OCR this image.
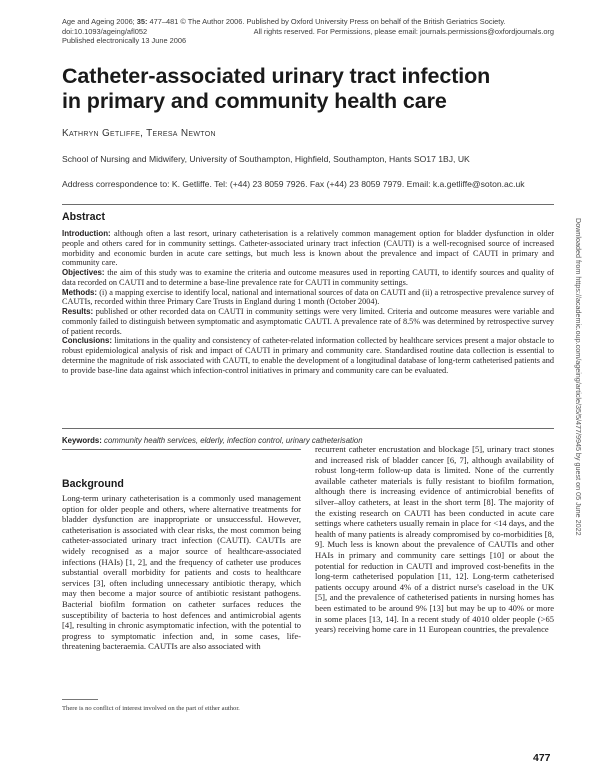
Age and Ageing 2006; 35: 477–481 © The Author 2006. Published by Oxford University Press on behalf of the British Geriatrics Society.
doi:10.1093/ageing/afl052	All rights reserved. For Permissions, please email: journals.permissions@oxfordjournals.org
Published electronically 13 June 2006
Catheter-associated urinary tract infection
in primary and community health care
Kathryn Getliffe, Teresa Newton
School of Nursing and Midwifery, University of Southampton, Highfield, Southampton, Hants SO17 1BJ, UK
Address correspondence to: K. Getliffe. Tel: (+44) 23 8059 7926. Fax (+44) 23 8059 7979. Email: k.a.getliffe@soton.ac.uk
Abstract

Introduction: although often a last resort, urinary catheterisation is a relatively common management option for bladder dysfunction in older people and others cared for in community settings. Catheter-associated urinary tract infection (CAUTI) is a well-recognised source of increased morbidity and economic burden in acute care settings, but much less is known about the prevalence and impact of CAUTI in primary and community care.

Objectives: the aim of this study was to examine the criteria and outcome measures used in reporting CAUTI, to identify sources and quality of data recorded on CAUTI and to determine a base-line prevalence rate for CAUTI in community settings.

Methods: (i) a mapping exercise to identify local, national and international sources of data on CAUTI and (ii) a retrospective prevalence survey of CAUTIs, recorded within three Primary Care Trusts in England during 1 month (October 2004).

Results: published or other recorded data on CAUTI in community settings were very limited. Criteria and outcome measures were variable and commonly failed to distinguish between symptomatic and asymptomatic CAUTI. A prevalence rate of 8.5% was determined by retrospective survey of patient records.

Conclusions: limitations in the quality and consistency of catheter-related information collected by healthcare services present a major obstacle to robust epidemiological analysis of risk and impact of CAUTI in primary and community care. Standardised routine data collection is essential to determine the magnitude of risk associated with CAUTI, to enable the development of a longitudinal database of long-term catheterised patients and to provide base-line data against which infection-control initiatives in primary and community care can be evaluated.

Keywords: community health services, elderly, infection control, urinary catheterisation
Background
Long-term urinary catheterisation is a commonly used management option for older people and others, where alternative treatments for bladder dysfunction are inappropriate or unsuccessful. However, catheterisation is associated with clear risks, the most common being catheter-associated urinary tract infection (CAUTI). CAUTIs are widely recognised as a major source of healthcare-associated infections (HAIs) [1, 2], and the frequency of catheter use produces substantial overall morbidity for patients and costs to healthcare services [3], often including unnecessary antibiotic therapy, which may then become a major source of antibiotic resistant pathogens. Bacterial biofilm formation on catheter surfaces reduces the susceptibility of bacteria to host defences and antimicrobial agents [4], resulting in chronic asymptomatic infection, with the potential to progress to symptomatic infection and, in some cases, life-threatening bacteraemia. CAUTIs are also associated with
recurrent catheter encrustation and blockage [5], urinary tract stones and increased risk of bladder cancer [6, 7], although availability of robust long-term follow-up data is limited. None of the currently available catheter materials is fully resistant to biofilm formation, although there is increasing evidence of antimicrobial benefits of silver–alloy catheters, at least in the short term [8]. The majority of the existing research on CAUTI has been conducted in acute care settings where catheters usually remain in place for <14 days, and the health of many patients is already compromised by co-morbidities [8, 9]. Much less is known about the prevalence of CAUTIs and other HAIs in primary and community care settings [10] or about the potential for reduction in CAUTI and improved cost-benefits in the long-term catheterised population [11, 12]. Long-term catheterised patients occupy around 4% of a district nurse's caseload in the UK [5], and the prevalence of catheterised patients in nursing homes has been estimated to be around 9% [13] but may be up to 40% or more in some places [13, 14]. In a recent study of 4010 older people (>65 years) receiving home care in 11 European countries, the prevalence
There is no conflict of interest involved on the part of either author.
477
Downloaded from https://academic.oup.com/ageing/article/35/5/477/9945 by guest on 05 June 2022
